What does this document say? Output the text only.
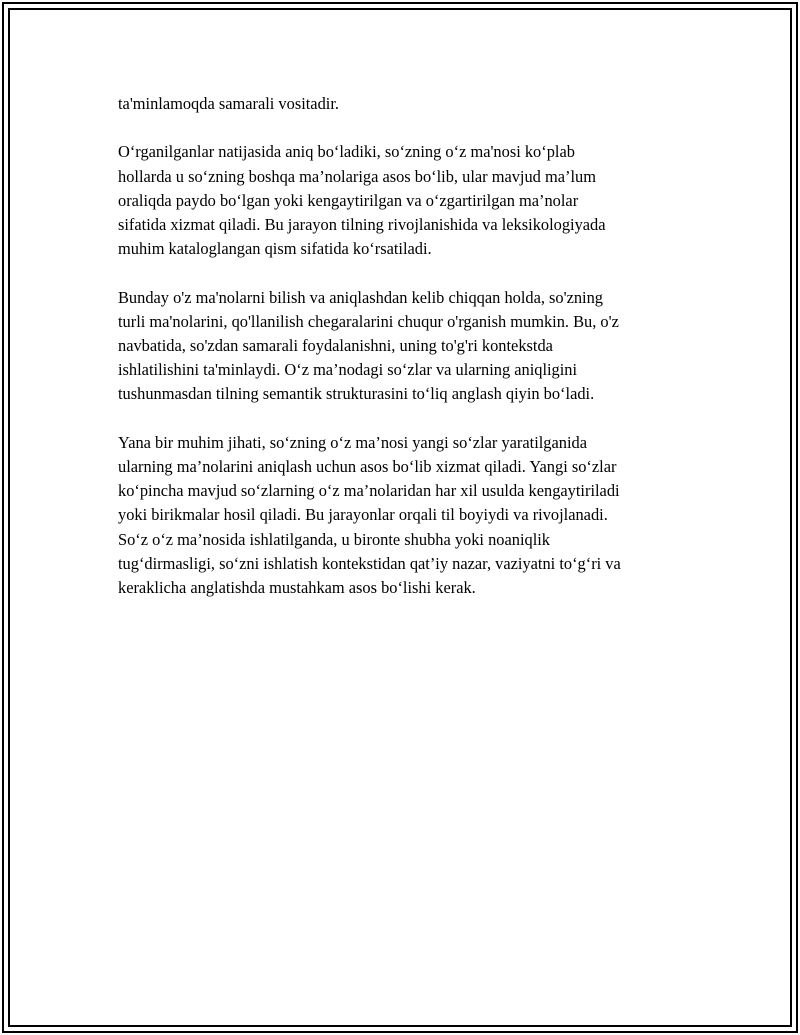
ta'minlamoqda samarali vositadir.

O‘rganilganlar natijasida aniq bo‘ladiki, so‘zning o‘z ma'nosi ko‘plab
hollarda u so‘zning boshqa ma’nolariga asos bo‘lib, ular mavjud ma’lum
oraliqda paydo bo‘lgan yoki kengaytirilgan va o‘zgartirilgan ma’nolar
sifatida xizmat qiladi. Bu jarayon tilning rivojlanishida va leksikologiyada
muhim kataloglangan qism sifatida ko‘rsatiladi.

Bunday o'z ma'nolarni bilish va aniqlashdan kelib chiqqan holda, so'zning
turli ma'nolarini, qo'llanilish chegaralarini chuqur o'rganish mumkin. Bu, o'z
navbatida, so'zdan samarali foydalanishni, uning to'g'ri kontekstda
ishlatilishini ta'minlaydi. O‘z ma’nodagi so‘zlar va ularning aniqligini
tushunmasdan tilning semantik strukturasini to‘liq anglash qiyin bo‘ladi.

Yana bir muhim jihati, so‘zning o‘z ma’nosi yangi so‘zlar yaratilganida
ularning ma’nolarini aniqlash uchun asos bo‘lib xizmat qiladi. Yangi so‘zlar
ko‘pincha mavjud so‘zlarning o‘z ma’nolaridan har xil usulda kengaytiriladi
yoki birikmalar hosil qiladi. Bu jarayonlar orqali til boyiydi va rivojlanadi.
So‘z o‘z ma’nosida ishlatilganda, u bironte shubha yoki noaniqlik
tug‘dirmasligi, so‘zni ishlatish kontekstidan qat’iy nazar, vaziyatni to‘g‘ri va
keraklicha anglatishda mustahkam asos bo‘lishi kerak.
